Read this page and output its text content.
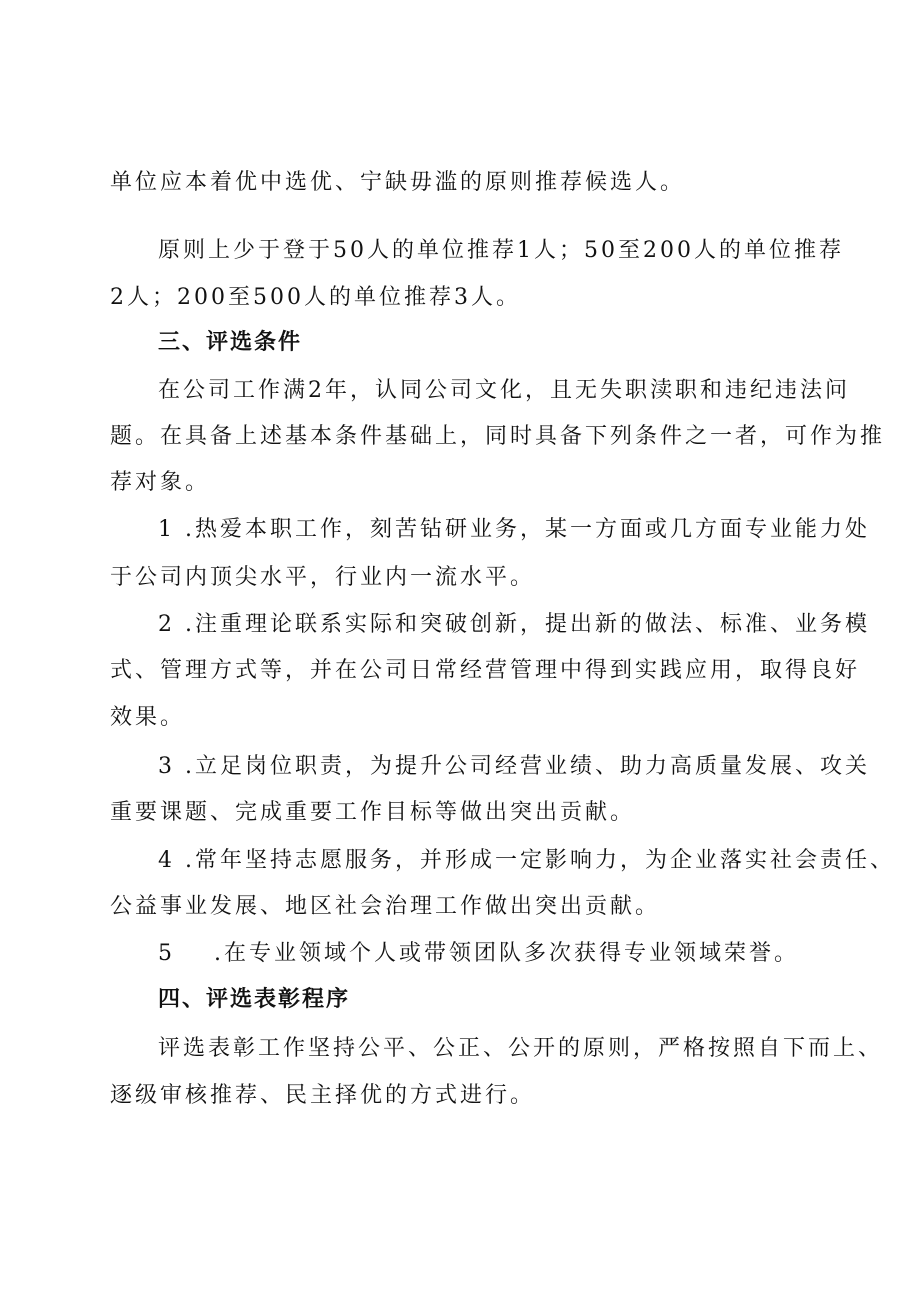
单位应本着优中选优、宁缺毋滥的原则推荐候选人。
原则上少于登于50人的单位推荐1人；50至200人的单位推荐
2人；200至500人的单位推荐3人。
三、评选条件
在公司工作满2年，认同公司文化，且无失职渎职和违纪违法问
题。在具备上述基本条件基础上，同时具备下列条件之一者，可作为推
荐对象。
1 .热爱本职工作，刻苦钻研业务，某一方面或几方面专业能力处
于公司内顶尖水平，行业内一流水平。
2 .注重理论联系实际和突破创新，提出新的做法、标准、业务模
式、管理方式等，并在公司日常经营管理中得到实践应用，取得良好
效果。
3 .立足岗位职责，为提升公司经营业绩、助力高质量发展、攻关
重要课题、完成重要工作目标等做出突出贡献。
4 .常年坚持志愿服务，并形成一定影响力，为企业落实社会责任、
公益事业发展、地区社会治理工作做出突出贡献。
5 .在专业领域个人或带领团队多次获得专业领域荣誉。
四、评选表彰程序
评选表彰工作坚持公平、公正、公开的原则，严格按照自下而上、
逐级审核推荐、民主择优的方式进行。
